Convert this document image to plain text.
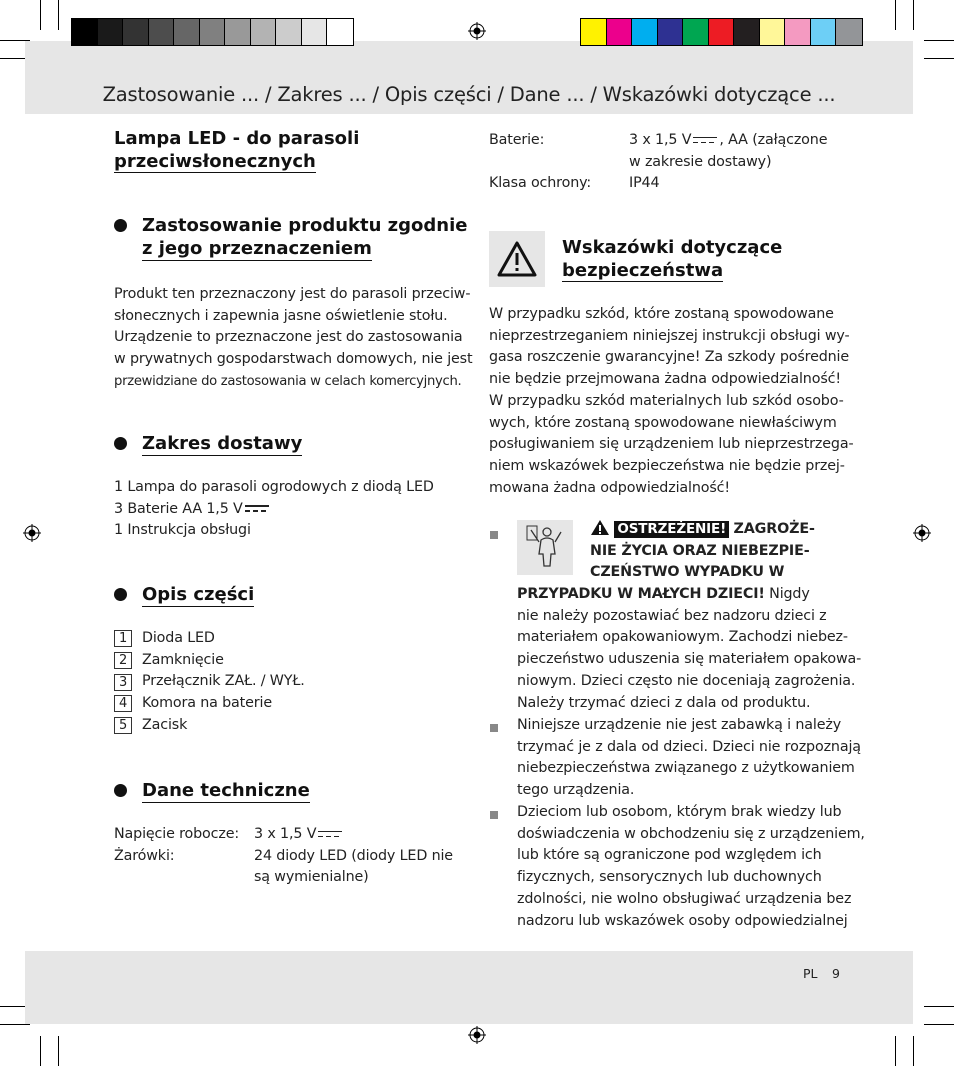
Zastosowanie ... / Zakres ... / Opis części / Dane ... / Wskazówki dotyczące ...
Lampa LED - do parasoli
przeciwsłonecznych
Zastosowanie produktu zgodnie
z jego przeznaczeniem
Produkt ten przeznaczony jest do parasoli przeciw-
słonecznych i zapewnia jasne oświetlenie stołu.
Urządzenie to przeznaczone jest do zastosowania
w prywatnych gospodarstwach domowych, nie jest
przewidziane do zastosowania w celach komercyjnych.
Zakres dostawy
1 Lampa do parasoli ogrodowych z diodą LED
3 Baterie AA 1,5 V
1 Instrukcja obsługi
Opis części
1	Dioda LED
2	Zamknięcie
3	Przełącznik ZAŁ. / WYŁ.
4	Komora na baterie
5	Zacisk
Dane techniczne
Napięcie robocze:	3 x 1,5 V
Żarówki:	24 diody LED (diody LED nie
są wymienialne)
Baterie:	3 x 1,5 V , AA (załączone
w zakresie dostawy)
Klasa ochrony:	IP44
Wskazówki dotyczące
bezpieczeństwa
W przypadku szkód, które zostaną spowodowane
nieprzestrzeganiem niniejszej instrukcji obsługi wy-
gasa roszczenie gwarancyjne! Za szkody pośrednie
nie będzie przejmowana żadna odpowiedzialność!
W przypadku szkód materialnych lub szkód osobo-
wych, które zostaną spowodowane niewłaściwym
posługiwaniem się urządzeniem lub nieprzestrzega-
niem wskazówek bezpieczeństwa nie będzie przej-
mowana żadna odpowiedzialność!
OSTRZEŻENIE! ZAGROŻE-
NIE ŻYCIA ORAZ NIEBEZPIE-
CZEŃSTWO WYPADKU W
PRZYPADKU W MAŁYCH DZIECI! Nigdy
nie należy pozostawiać bez nadzoru dzieci z
materiałem opakowaniowym. Zachodzi niebez-
pieczeństwo uduszenia się materiałem opakowa-
niowym. Dzieci często nie doceniają zagrożenia.
Należy trzymać dzieci z dala od produktu.
Niniejsze urządzenie nie jest zabawką i należy
trzymać je z dala od dzieci. Dzieci nie rozpoznają
niebezpieczeństwa związanego z użytkowaniem
tego urządzenia.
Dzieciom lub osobom, którym brak wiedzy lub
doświadczenia w obchodzeniu się z urządzeniem,
lub które są ograniczone pod względem ich
fizycznych, sensorycznych lub duchownych
zdolności, nie wolno obsługiwać urządzenia bez
nadzoru lub wskazówek osoby odpowiedzialnej
PL 9
